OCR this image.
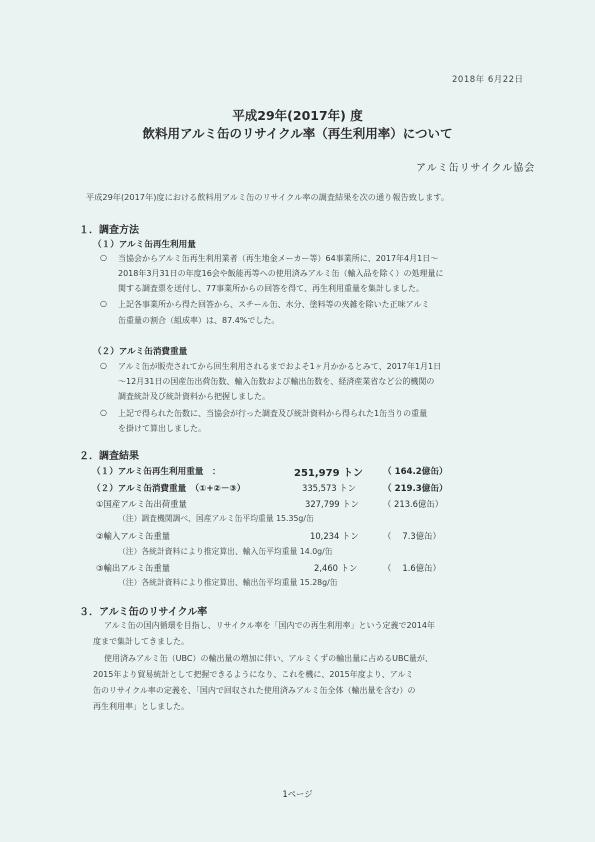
2018年 6月22日
平成29年(2017年) 度
飲料用アルミ缶のリサイクル率（再生利用率）について
アルミ缶リサイクル協会
平成29年(2017年)度における飲料用アルミ缶のリサイクル率の調査結果を次の通り報告致します。
１．調査方法
（１）アルミ缶再生利用量
○ 当協会からアルミ缶再生利用業者（再生地金メーカー等）64事業所に、2017年4月1日～
2018年3月31日の年度16会や飯能再等への使用済みアルミ缶（輸入品を除く）の処理量に
関する調査票を送付し、77事業所からの回答を得て、再生利用重量を集計しました。
○ 上記各事業所から得た回答から、スチール缶、水分、塗料等の夾雑を除いた正味アルミ
缶重量の割合（組成率）は、87.4%でした。
（２）アルミ缶消費重量
○ アルミ缶が販売されてから回生利用されるまでおよそ1ヶ月かかるとみて、2017年1月1日
～12月31日の国産缶出荷缶数、輸入缶数および輸出缶数を、経済産業省など公的機関の
調査統計及び統計資料から把握しました。
○ 上記で得られた缶数に、当協会が行った調査及び統計資料から得られた1缶当りの重量
を掛けて算出しました。
２．調査結果
（１）アルミ缶再生利用重量　：	251,979 トン （ 164.2億缶）
（２）アルミ缶消費重量　（①+②－③）	335,573 トン	（ 219.3億缶）
①国産アルミ缶出荷重量	327,799 トン	（ 213.6億缶）
（注）調査機関調べ、国産アルミ缶平均重量 15.35g/缶
②輸入アルミ缶重量	10,234 トン	（　 7.3億缶）
（注）各統計資料により推定算出、輸入缶平均重量 14.0g/缶
③輸出アルミ缶重量	2,460 トン	（　 1.6億缶）
（注）各統計資料により推定算出、輸出缶平均重量 15.28g/缶
３．アルミ缶のリサイクル率
アルミ缶の国内循環を目指し、リサイクル率を「国内での再生利用率」という定義で2014年
度まで集計してきました。
使用済みアルミ缶（UBC）の輸出量の増加に伴い、アルミくずの輸出量に占めるUBC量が、
2015年より貿易統計として把握できるようになり、これを機に、2015年度より、アルミ
缶のリサイクル率の定義を、「国内で回収された使用済みアルミ缶全体（輸出量を含む）の
再生利用率」としました。
1ページ
